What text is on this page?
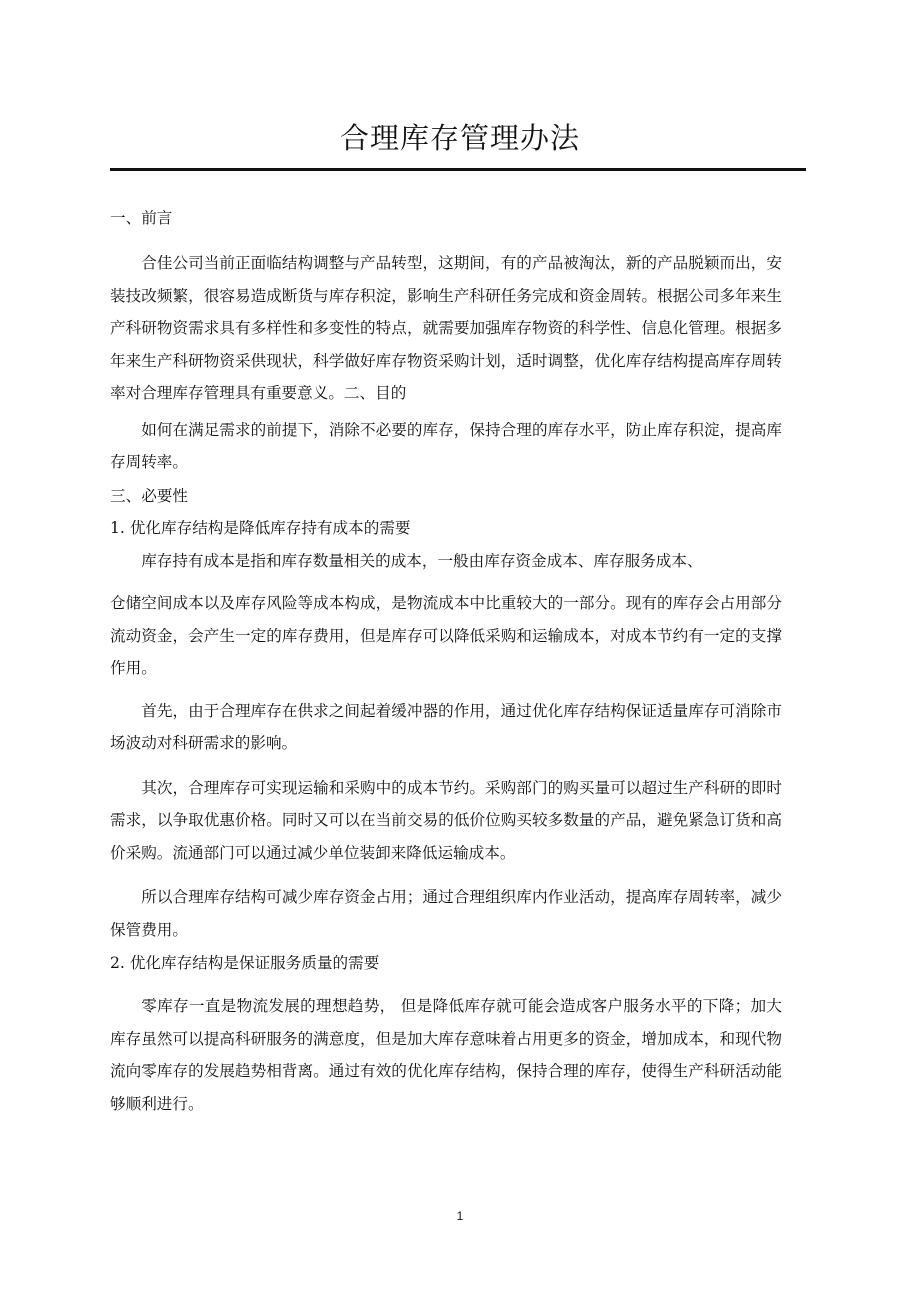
合理库存管理办法

一、前言

合佳公司当前正面临结构调整与产品转型，这期间，有的产品被淘汰，新的产品脱颖而出，安装技改频繁，很容易造成断货与库存积淀，影响生产科研任务完成和资金周转。根据公司多年来生产科研物资需求具有多样性和多变性的特点，就需要加强库存物资的科学性、信息化管理。根据多年来生产科研物资采供现状，科学做好库存物资采购计划，适时调整，优化库存结构提高库存周转率对合理库存管理具有重要意义。二、目的

如何在满足需求的前提下，消除不必要的库存，保持合理的库存水平，防止库存积淀，提高库存周转率。

三、必要性

1. 优化库存结构是降低库存持有成本的需要

库存持有成本是指和库存数量相关的成本，一般由库存资金成本、库存服务成本、

仓储空间成本以及库存风险等成本构成，是物流成本中比重较大的一部分。现有的库存会占用部分流动资金，会产生一定的库存费用，但是库存可以降低采购和运输成本，对成本节约有一定的支撑作用。

首先，由于合理库存在供求之间起着缓冲器的作用，通过优化库存结构保证适量库存可消除市场波动对科研需求的影响。

其次，合理库存可实现运输和采购中的成本节约。采购部门的购买量可以超过生产科研的即时需求，以争取优惠价格。同时又可以在当前交易的低价位购买较多数量的产品，避免紧急订货和高价采购。流通部门可以通过减少单位装卸来降低运输成本。

所以合理库存结构可减少库存资金占用；通过合理组织库内作业活动，提高库存周转率，减少保管费用。

2. 优化库存结构是保证服务质量的需要

零库存一直是物流发展的理想趋势， 但是降低库存就可能会造成客户服务水平的下降；加大库存虽然可以提高科研服务的满意度，但是加大库存意味着占用更多的资金，增加成本，和现代物流向零库存的发展趋势相背离。通过有效的优化库存结构，保持合理的库存，使得生产科研活动能够顺利进行。

1
